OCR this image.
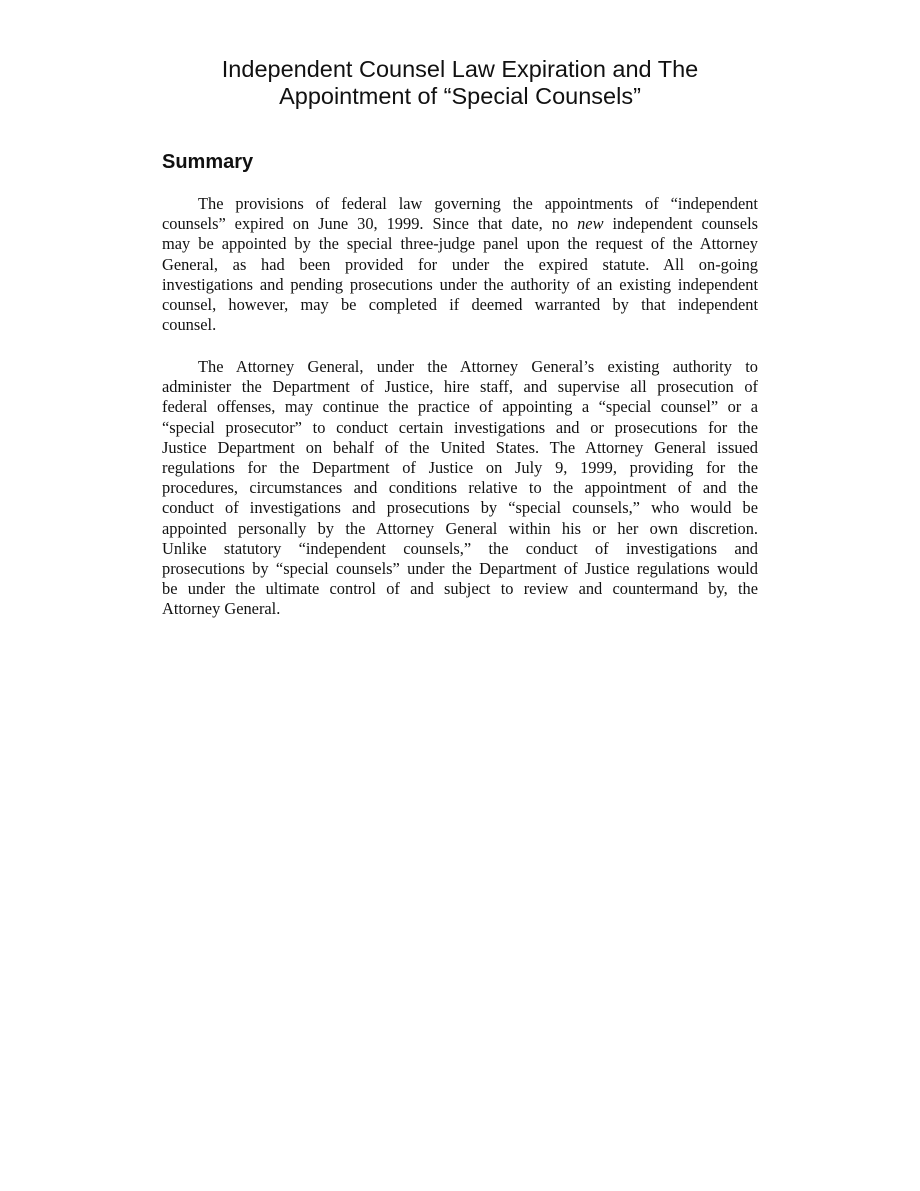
Independent Counsel Law Expiration and The
Appointment of “Special Counsels”
Summary

The provisions of federal law governing the appointments of “independent
counsels” expired on June 30, 1999. Since that date, no new independent counsels
may be appointed by the special three-judge panel upon the request of the Attorney
General, as had been provided for under the expired statute. All on-going
investigations and pending prosecutions under the authority of an existing independent
counsel, however, may be completed if deemed warranted by that independent
counsel.

The Attorney General, under the Attorney General’s existing authority to
administer the Department of Justice, hire staff, and supervise all prosecution of
federal offenses, may continue the practice of appointing a “special counsel” or a
“special prosecutor” to conduct certain investigations and or prosecutions for the
Justice Department on behalf of the United States. The Attorney General issued
regulations for the Department of Justice on July 9, 1999, providing for the
procedures, circumstances and conditions relative to the appointment of and the
conduct of investigations and prosecutions by “special counsels,” who would be
appointed personally by the Attorney General within his or her own discretion.
Unlike statutory “independent counsels,” the conduct of investigations and
prosecutions by “special counsels” under the Department of Justice regulations would
be under the ultimate control of and subject to review and countermand by, the
Attorney General.
